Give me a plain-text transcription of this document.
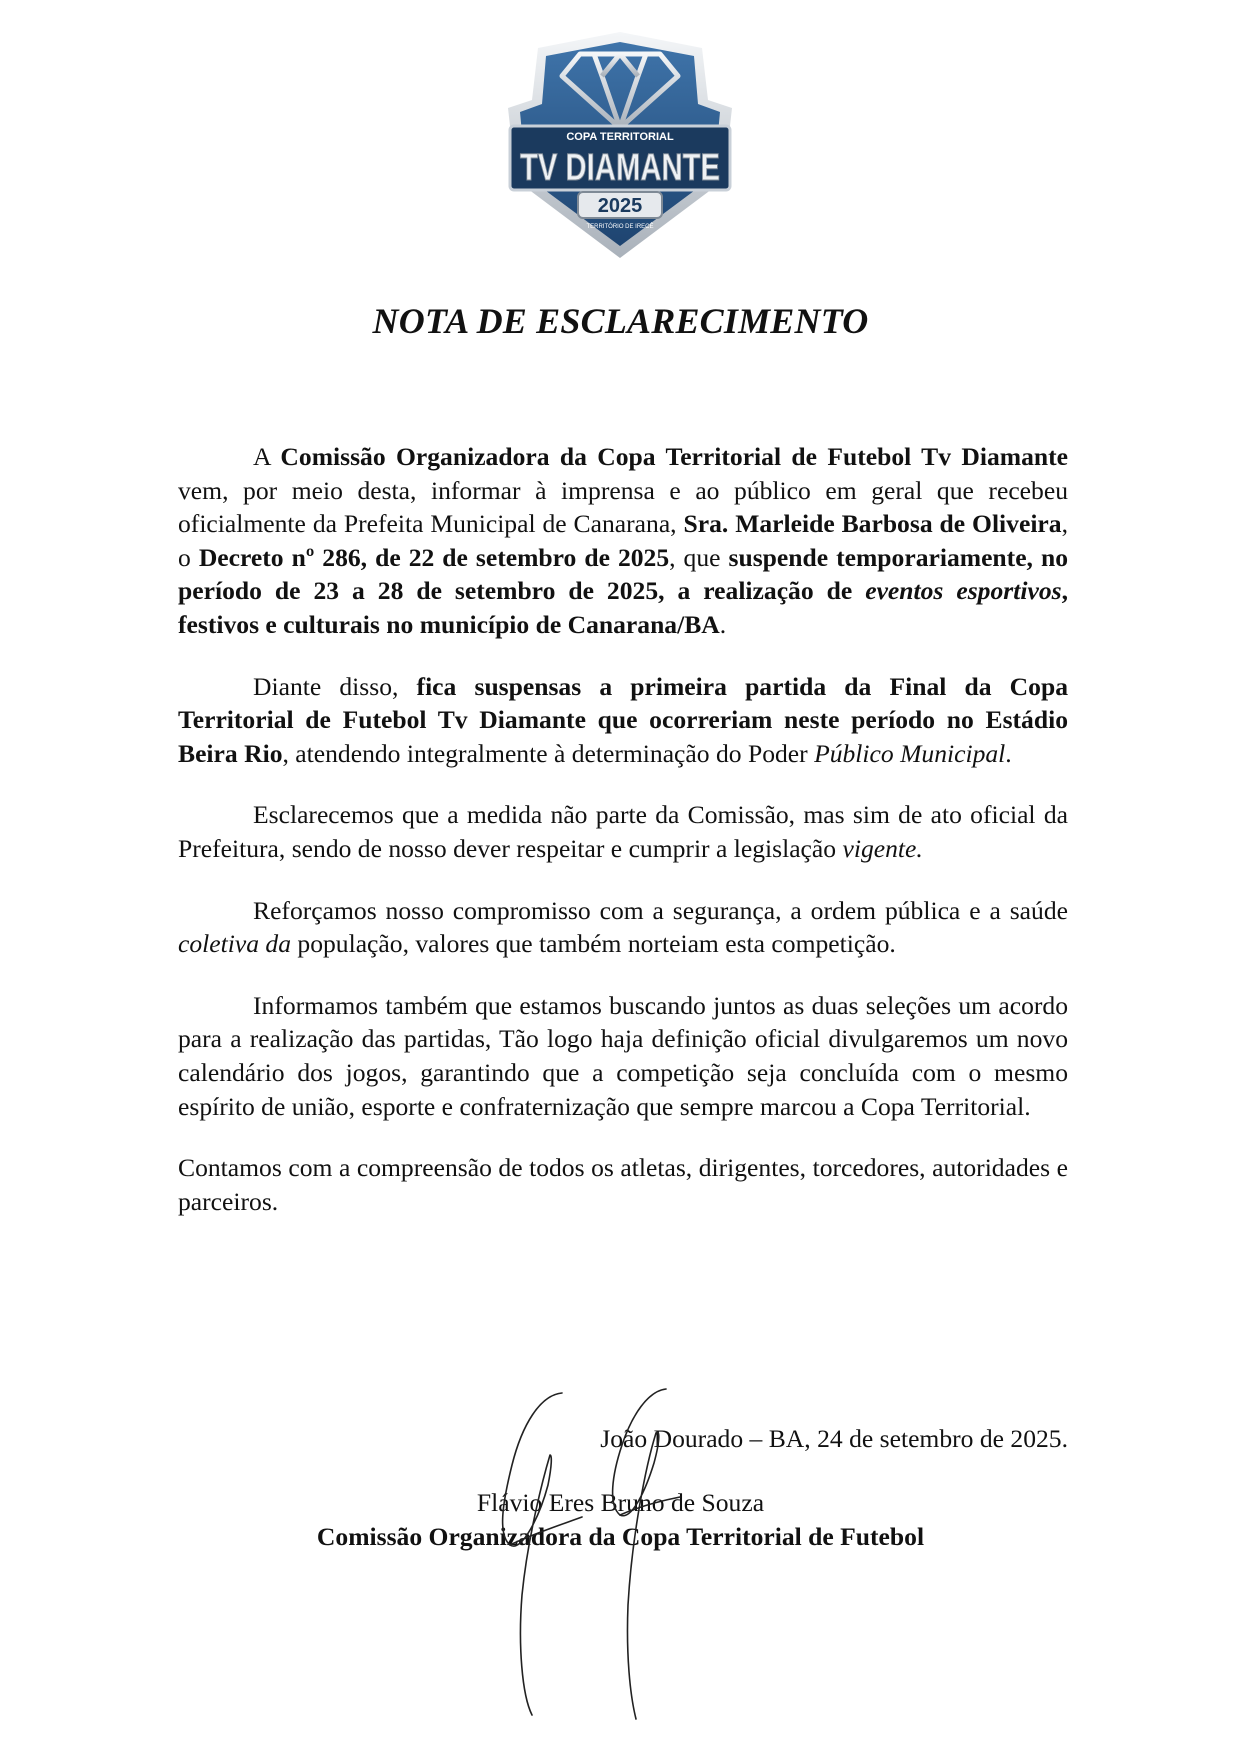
COPA TERRITORIAL
TV DIAMANTE
2025
TERRITÓRIO DE IRECÊ
NOTA DE ESCLARECIMENTO

A Comissão Organizadora da Copa Territorial de Futebol Tv Diamante vem, por meio desta, informar à imprensa e ao público em geral que recebeu oficialmente da Prefeita Municipal de Canarana, Sra. Marleide Barbosa de Oliveira, o Decreto nº 286, de 22 de setembro de 2025, que suspende temporariamente, no período de 23 a 28 de setembro de 2025, a realização de eventos esportivos, festivos e culturais no município de Canarana/BA.

Diante disso, fica suspensas a primeira partida da Final da Copa Territorial de Futebol Tv Diamante que ocorreriam neste período no Estádio Beira Rio, atendendo integralmente à determinação do Poder Público Municipal.

Esclarecemos que a medida não parte da Comissão, mas sim de ato oficial da Prefeitura, sendo de nosso dever respeitar e cumprir a legislação vigente.

Reforçamos nosso compromisso com a segurança, a ordem pública e a saúde coletiva da população, valores que também norteiam esta competição.

Informamos também que estamos buscando juntos as duas seleções um acordo para a realização das partidas, Tão logo haja definição oficial divulgaremos um novo calendário dos jogos, garantindo que a competição seja concluída com o mesmo espírito de união, esporte e confraternização que sempre marcou a Copa Territorial.

Contamos com a compreensão de todos os atletas, dirigentes, torcedores, autoridades e parceiros.

João Dourado – BA, 24 de setembro de 2025.
Flávio Eres Bruno de Souza
Comissão Organizadora da Copa Territorial de Futebol
